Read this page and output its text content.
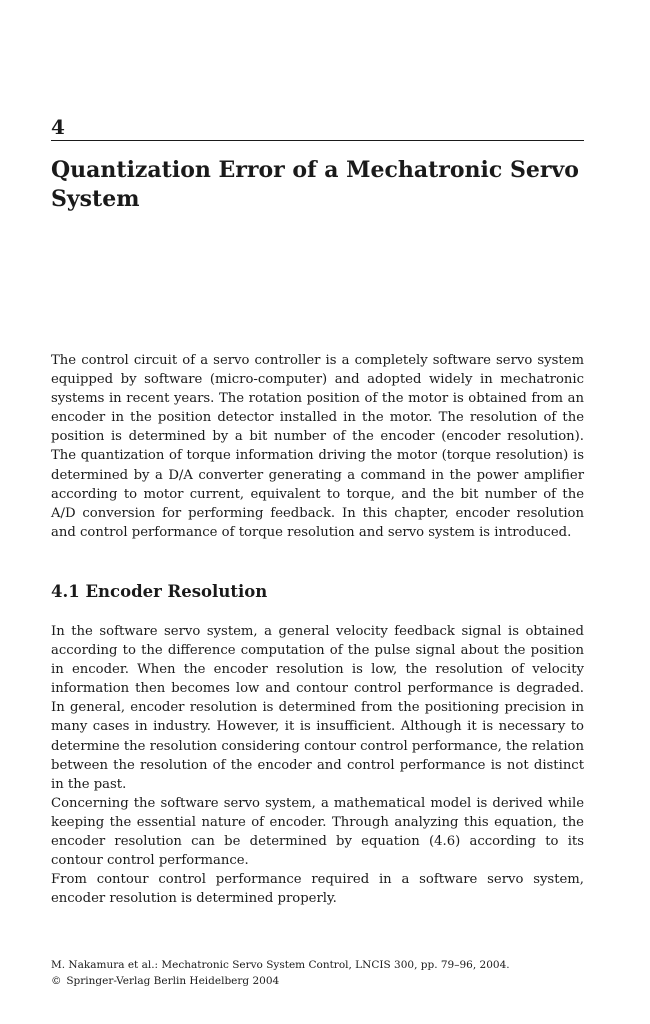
4
Quantization Error of a Mechatronic Servo System

The control circuit of a servo controller is a completely software servo system equipped by software (micro-computer) and adopted widely in mechatronic systems in recent years. The rotation position of the motor is obtained from an encoder in the position detector installed in the motor. The resolution of the position is determined by a bit number of the encoder (encoder resolution). The quantization of torque information driving the motor (torque resolution) is determined by a D/A converter generating a command in the power amplifier according to motor current, equivalent to torque, and the bit number of the A/D conversion for performing feedback. In this chapter, encoder resolution and control performance of torque resolution and servo system is introduced.

4.1 Encoder Resolution

In the software servo system, a general velocity feedback signal is obtained according to the difference computation of the pulse signal about the position in encoder. When the encoder resolution is low, the resolution of velocity information then becomes low and contour control performance is degraded. In general, encoder resolution is determined from the positioning precision in many cases in industry. However, it is insufficient. Although it is necessary to determine the resolution considering contour control performance, the relation between the resolution of the encoder and control performance is not distinct in the past.

Concerning the software servo system, a mathematical model is derived while keeping the essential nature of encoder. Through analyzing this equation, the encoder resolution can be determined by equation (4.6) according to its contour control performance.

From contour control performance required in a software servo system, encoder resolution is determined properly.

M. Nakamura et al.: Mechatronic Servo System Control, LNCIS 300, pp. 79–96, 2004.
© Springer-Verlag Berlin Heidelberg 2004
